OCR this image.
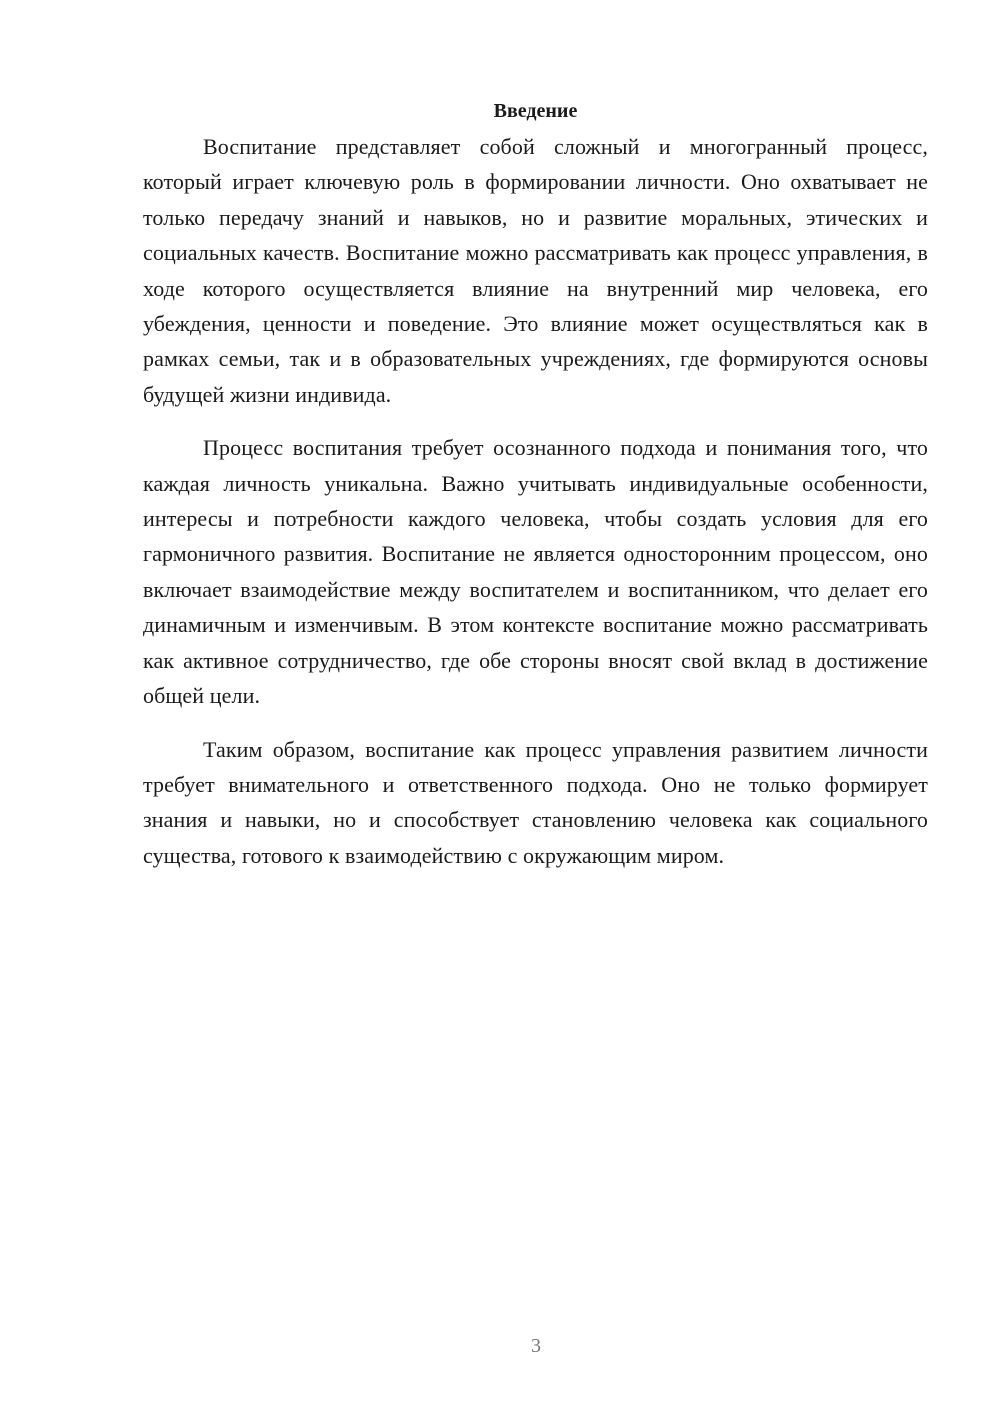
Введение

Воспитание представляет собой сложный и многогранный процесс, который играет ключевую роль в формировании личности. Оно охватывает не только передачу знаний и навыков, но и развитие моральных, этических и социальных качеств. Воспитание можно рассматривать как процесс управления, в ходе которого осуществляется влияние на внутренний мир человека, его убеждения, ценности и поведение. Это влияние может осуществляться как в рамках семьи, так и в образовательных учреждениях, где формируются основы будущей жизни индивида.

Процесс воспитания требует осознанного подхода и понимания того, что каждая личность уникальна. Важно учитывать индивидуальные особенности, интересы и потребности каждого человека, чтобы создать условия для его гармоничного развития. Воспитание не является односторонним процессом, оно включает взаимодействие между воспитателем и воспитанником, что делает его динамичным и изменчивым. В этом контексте воспитание можно рассматривать как активное сотрудничество, где обе стороны вносят свой вклад в достижение общей цели.

Таким образом, воспитание как процесс управления развитием личности требует внимательного и ответственного подхода. Оно не только формирует знания и навыки, но и способствует становлению человека как социального существа, готового к взаимодействию с окружающим миром.

3
